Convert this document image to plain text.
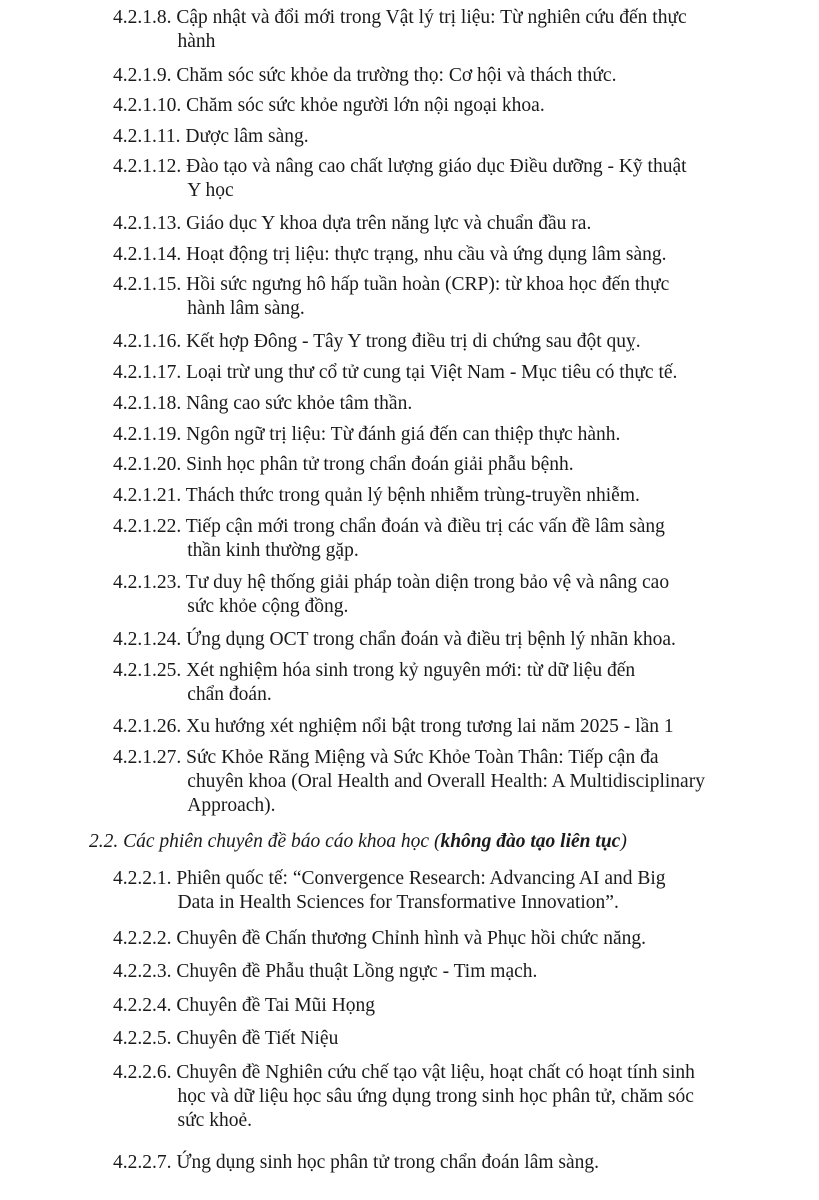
4.2.1.8. Cập nhật và đổi mới trong Vật lý trị liệu: Từ nghiên cứu đến thực
hành
4.2.1.9. Chăm sóc sức khỏe da trường thọ: Cơ hội và thách thức.
4.2.1.10. Chăm sóc sức khỏe người lớn nội ngoại khoa.
4.2.1.11. Dược lâm sàng.
4.2.1.12. Đào tạo và nâng cao chất lượng giáo dục Điều dưỡng - Kỹ thuật
Y học
4.2.1.13. Giáo dục Y khoa dựa trên năng lực và chuẩn đầu ra.
4.2.1.14. Hoạt động trị liệu: thực trạng, nhu cầu và ứng dụng lâm sàng.
4.2.1.15. Hồi sức ngưng hô hấp tuần hoàn (CRP): từ khoa học đến thực
hành lâm sàng.
4.2.1.16. Kết hợp Đông - Tây Y trong điều trị di chứng sau đột quỵ.
4.2.1.17. Loại trừ ung thư cổ tử cung tại Việt Nam - Mục tiêu có thực tế.
4.2.1.18. Nâng cao sức khỏe tâm thần.
4.2.1.19. Ngôn ngữ trị liệu: Từ đánh giá đến can thiệp thực hành.
4.2.1.20. Sinh học phân tử trong chẩn đoán giải phẫu bệnh.
4.2.1.21. Thách thức trong quản lý bệnh nhiễm trùng-truyền nhiễm.
4.2.1.22. Tiếp cận mới trong chẩn đoán và điều trị các vấn đề lâm sàng
thần kinh thường gặp.
4.2.1.23. Tư duy hệ thống giải pháp toàn diện trong bảo vệ và nâng cao
sức khỏe cộng đồng.
4.2.1.24. Ứng dụng OCT trong chẩn đoán và điều trị bệnh lý nhãn khoa.
4.2.1.25. Xét nghiệm hóa sinh trong kỷ nguyên mới: từ dữ liệu đến
chẩn đoán.
4.2.1.26. Xu hướng xét nghiệm nổi bật trong tương lai năm 2025 - lần 1
4.2.1.27. Sức Khỏe Răng Miệng và Sức Khỏe Toàn Thân: Tiếp cận đa
chuyên khoa (Oral Health and Overall Health: A Multidisciplinary
Approach).
2.2. Các phiên chuyên đề báo cáo khoa học (không đào tạo liên tục)
4.2.2.1. Phiên quốc tế: “Convergence Research: Advancing AI and Big
Data in Health Sciences for Transformative Innovation”.
4.2.2.2. Chuyên đề Chấn thương Chỉnh hình và Phục hồi chức năng.
4.2.2.3. Chuyên đề Phẫu thuật Lồng ngực - Tim mạch.
4.2.2.4. Chuyên đề Tai Mũi Họng
4.2.2.5. Chuyên đề Tiết Niệu
4.2.2.6. Chuyên đề Nghiên cứu chế tạo vật liệu, hoạt chất có hoạt tính sinh
học và dữ liệu học sâu ứng dụng trong sinh học phân tử, chăm sóc
sức khoẻ.
4.2.2.7. Ứng dụng sinh học phân tử trong chẩn đoán lâm sàng.
